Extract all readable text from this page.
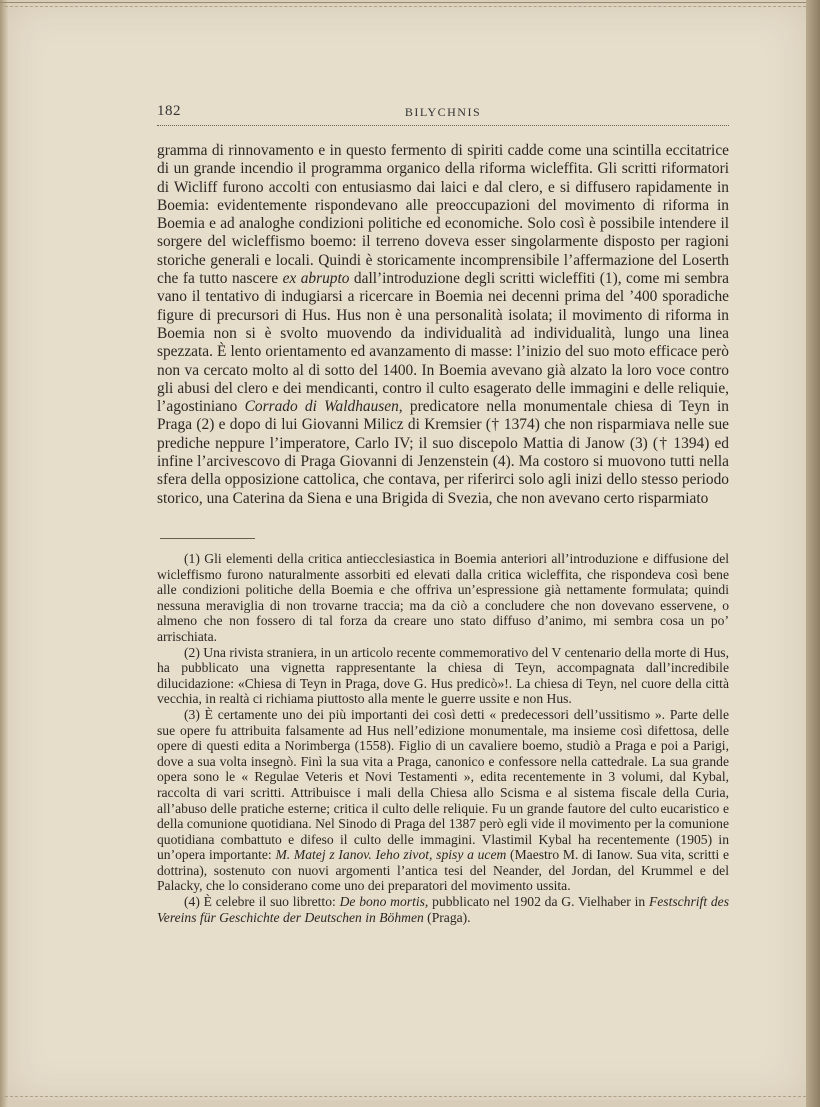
182	BILYCHNIS

gramma di rinnovamento e in questo fermento di spiriti cadde come una scintilla eccitatrice di un grande incendio il programma organico della riforma wicleffita. Gli scritti riformatori di Wicliff furono accolti con entusiasmo dai laici e dal clero, e si diffusero rapidamente in Boemia: evidentemente rispondevano alle preoccupazioni del movimento di riforma in Boemia e ad analoghe condizioni politiche ed economiche. Solo così è possibile intendere il sorgere del wicleffismo boemo: il terreno doveva esser singolarmente disposto per ragioni storiche generali e locali. Quindi è storicamente incomprensibile l’affermazione del Loserth che fa tutto nascere ex abrupto dall’introduzione degli scritti wicleffiti (1), come mi sembra vano il tentativo di indugiarsi a ricercare in Boemia nei decenni prima del ’400 sporadiche figure di precursori di Hus. Hus non è una personalità isolata; il movimento di riforma in Boemia non si è svolto muovendo da individualità ad individualità, lungo una linea spezzata. È lento orientamento ed avanzamento di masse: l’inizio del suo moto efficace però non va cercato molto al di sotto del 1400. In Boemia avevano già alzato la loro voce contro gli abusi del clero e dei mendicanti, contro il culto esagerato delle immagini e delle reliquie, l’agostiniano Corrado di Waldhausen, predicatore nella monumentale chiesa di Teyn in Praga (2) e dopo di lui Giovanni Milicz di Kremsier († 1374) che non risparmiava nelle sue prediche neppure l’imperatore, Carlo IV; il suo discepolo Mattia di Janow (3) († 1394) ed infine l’arcivescovo di Praga Giovanni di Jenzenstein (4). Ma costoro si muovono tutti nella sfera della opposizione cattolica, che contava, per riferirci solo agli inizi dello stesso periodo storico, una Caterina da Siena e una Brigida di Svezia, che non avevano certo risparmiato

(1) Gli elementi della critica antiecclesiastica in Boemia anteriori all’introduzione e diffusione del wicleffismo furono naturalmente assorbiti ed elevati dalla critica wicleffita, che rispondeva così bene alle condizioni politiche della Boemia e che offriva un’espressione già nettamente formulata; quindi nessuna meraviglia di non trovarne traccia; ma da ciò a concludere che non dovevano esservene, o almeno che non fossero di tal forza da creare uno stato diffuso d’animo, mi sembra cosa un po’ arrischiata.

(2) Una rivista straniera, in un articolo recente commemorativo del V centenario della morte di Hus, ha pubblicato una vignetta rappresentante la chiesa di Teyn, accompagnata dall’incredibile dilucidazione: «Chiesa di Teyn in Praga, dove G. Hus predicò»!. La chiesa di Teyn, nel cuore della città vecchia, in realtà ci richiama piuttosto alla mente le guerre ussite e non Hus.

(3) È certamente uno dei più importanti dei così detti « predecessori dell’ussitismo ». Parte delle sue opere fu attribuita falsamente ad Hus nell’edizione monumentale, ma insieme così difettosa, delle opere di questi edita a Norimberga (1558). Figlio di un cavaliere boemo, studiò a Praga e poi a Parigi, dove a sua volta insegnò. Finì la sua vita a Praga, canonico e confessore nella cattedrale. La sua grande opera sono le « Regulae Veteris et Novi Testamenti », edita recentemente in 3 volumi, dal Kybal, raccolta di vari scritti. Attribuisce i mali della Chiesa allo Scisma e al sistema fiscale della Curia, all’abuso delle pratiche esterne; critica il culto delle reliquie. Fu un grande fautore del culto eucaristico e della comunione quotidiana. Nel Sinodo di Praga del 1387 però egli vide il movimento per la comunione quotidiana combattuto e difeso il culto delle immagini. Vlastimil Kybal ha recentemente (1905) in un’opera importante: M. Matej z Ianov. Ieho zivot, spisy a ucem (Maestro M. di Ianow. Sua vita, scritti e dottrina), sostenuto con nuovi argomenti l’antica tesi del Neander, del Jordan, del Krummel e del Palacky, che lo considerano come uno dei preparatori del movimento ussita.

(4) È celebre il suo libretto: De bono mortis, pubblicato nel 1902 da G. Vielhaber in Festschrift des Vereins für Geschichte der Deutschen in Böhmen (Praga).
